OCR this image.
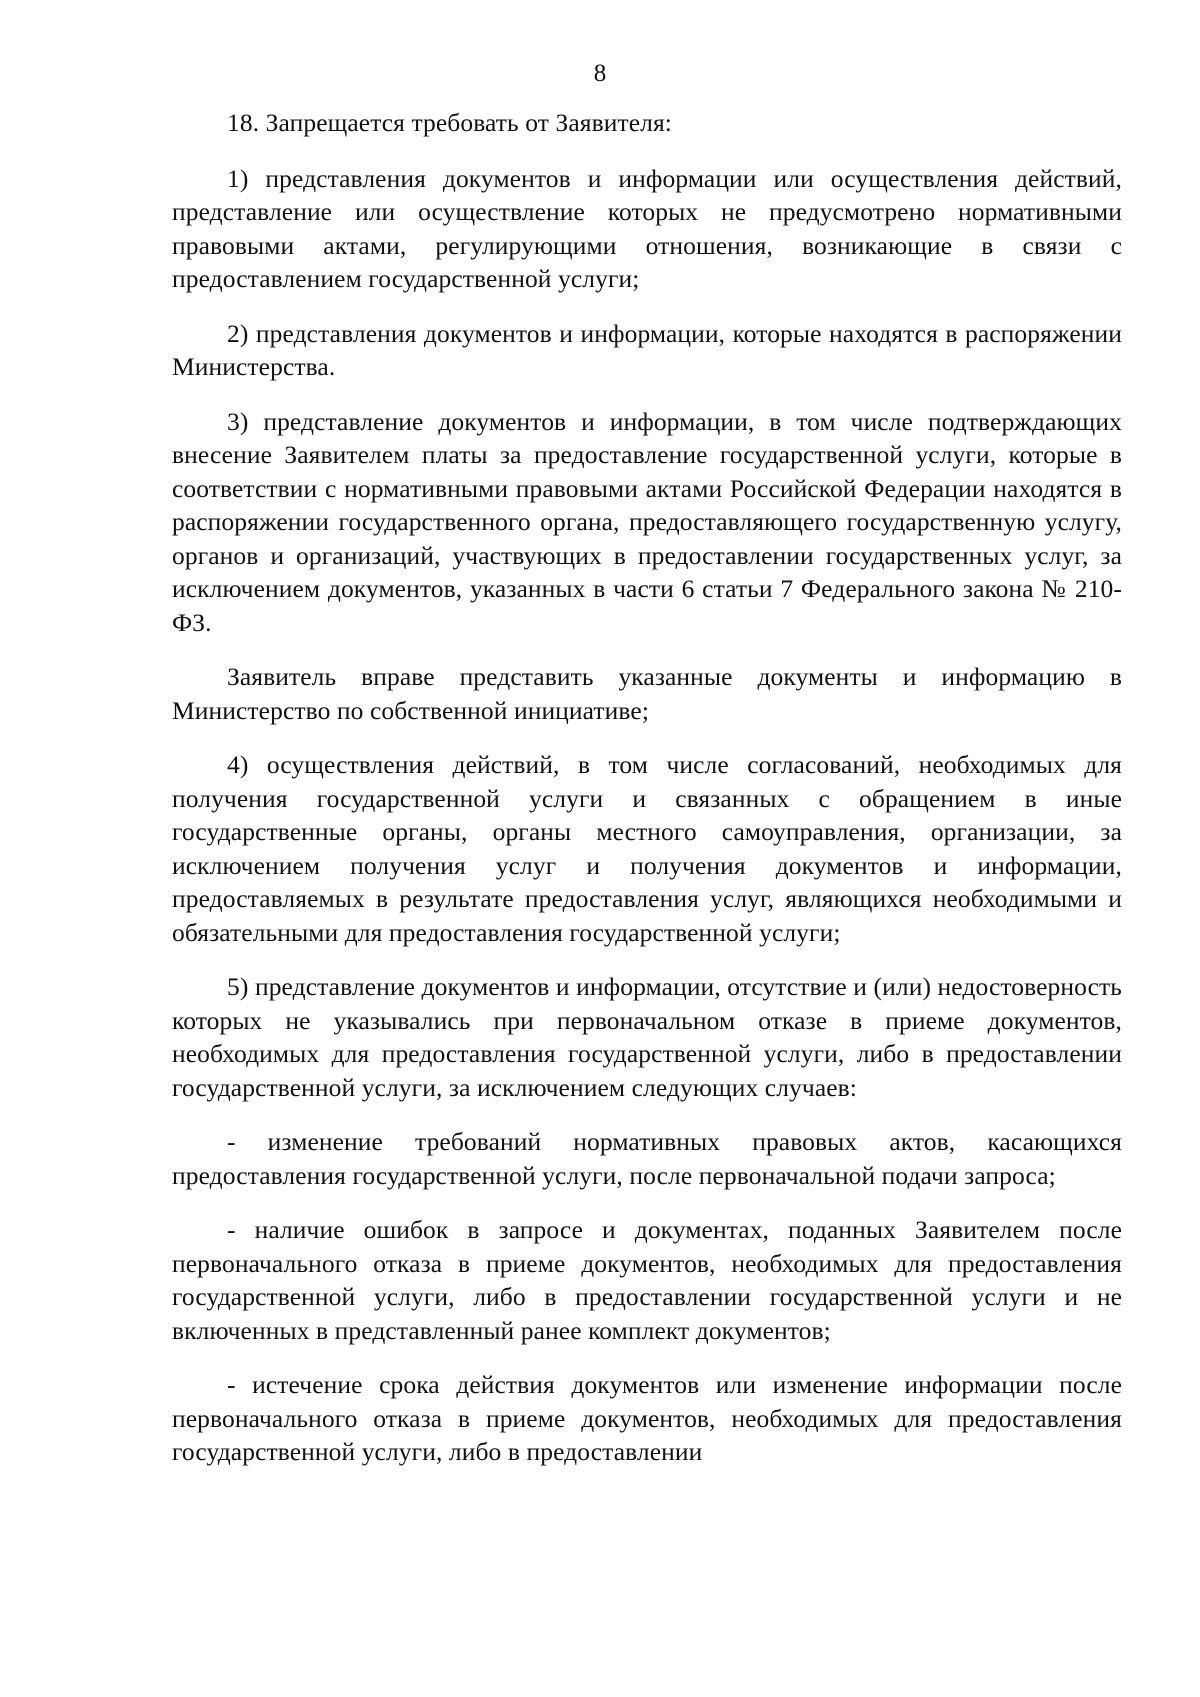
8

18. Запрещается требовать от Заявителя:

1) представления документов и информации или осуществления действий, представление или осуществление которых не предусмотрено нормативными правовыми актами, регулирующими отношения, возникающие в связи с предоставлением государственной услуги;

2) представления документов и информации, которые находятся в распоряжении Министерства.

3) представление документов и информации, в том числе подтверждающих внесение Заявителем платы за предоставление государственной услуги, которые в соответствии с нормативными правовыми актами Российской Федерации находятся в распоряжении государственного органа, предоставляющего государственную услугу, органов и организаций, участвующих в предоставлении государственных услуг, за исключением документов, указанных в части 6 статьи 7 Федерального закона № 210-ФЗ.

Заявитель вправе представить указанные документы и информацию в Министерство по собственной инициативе;

4) осуществления действий, в том числе согласований, необходимых для получения государственной услуги и связанных с обращением в иные государственные органы, органы местного самоуправления, организации, за исключением получения услуг и получения документов и информации, предоставляемых в результате предоставления услуг, являющихся необходимыми и обязательными для предоставления государственной услуги;

5) представление документов и информации, отсутствие и (или) недостоверность которых не указывались при первоначальном отказе в приеме документов, необходимых для предоставления государственной услуги, либо в предоставлении государственной услуги, за исключением следующих случаев:

- изменение требований нормативных правовых актов, касающихся предоставления государственной услуги, после первоначальной подачи запроса;

- наличие ошибок в запросе и документах, поданных Заявителем после первоначального отказа в приеме документов, необходимых для предоставления государственной услуги, либо в предоставлении государственной услуги и не включенных в представленный ранее комплект документов;

- истечение срока действия документов или изменение информации после первоначального отказа в приеме документов, необходимых для предоставления государственной услуги, либо в предоставлении
